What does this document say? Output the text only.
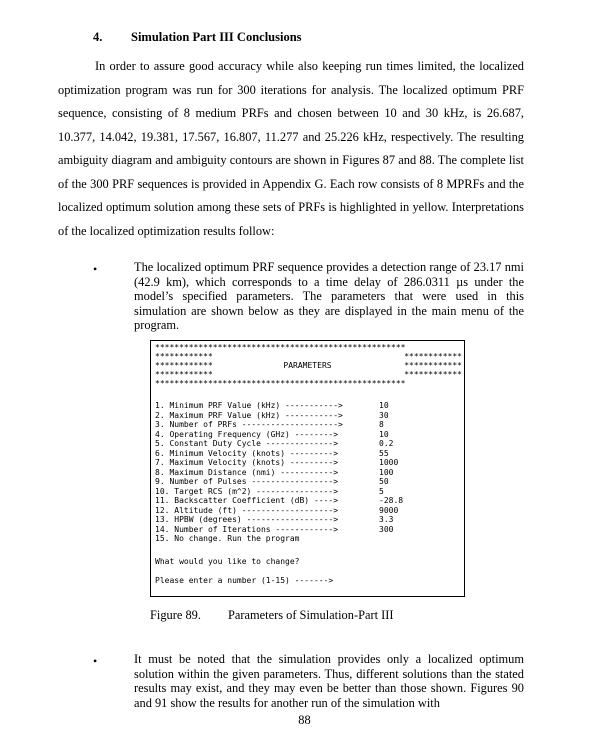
4. Simulation Part III Conclusions

In order to assure good accuracy while also keeping run times limited, the localized optimization program was run for 300 iterations for analysis. The localized optimum PRF sequence, consisting of 8 medium PRFs and chosen between 10 and 30 kHz, is 26.687, 10.377, 14.042, 19.381, 17.567, 16.807, 11.277 and 25.226 kHz, respectively. The resulting ambiguity diagram and ambiguity contours are shown in Figures 87 and 88. The complete list of the 300 PRF sequences is provided in Appendix G. Each row consists of 8 MPRFs and the localized optimum solution among these sets of PRFs is highlighted in yellow. Interpretations of the localized optimization results follow:

•	The localized optimum PRF sequence provides a detection range of 23.17 nmi (42.9 km), which corresponds to a time delay of 286.0311 µs under the model’s specified parameters. The parameters that were used in this simulation are shown below as they are displayed in the main menu of the program.

****************************************************
************	************
************	PARAMETERS	************
************	************
****************************************************
1. Minimum PRF Value (kHz) ----------->	10
2. Maximum PRF Value (kHz) ----------->	30
3. Number of PRFs -------------------->	8
4. Operating Frequency (GHz) -------->	10
5. Constant Duty Cycle -------------->	0.2
6. Minimum Velocity (knots) --------->	55
7. Maximum Velocity (knots) --------->	1000
8. Maximum Distance (nmi) ----------->	100
9. Number of Pulses ----------------->	50
10. Target RCS (m^2) ---------------->	5
11. Backscatter Coefficient (dB) ---->	-28.8
12. Altitude (ft) ------------------->	9000
13. HPBW (degrees) ------------------>	3.3
14. Number of Iterations ------------>	300
15. No change. Run the program
What would you like to change?
Please enter a number (1-15) ------->
Figure 89. Parameters of Simulation-Part III
•	It must be noted that the simulation provides only a localized optimum solution within the given parameters. Thus, different solutions than the stated results may exist, and they may even be better than those shown. Figures 90 and 91 show the results for another run of the simulation with

88
